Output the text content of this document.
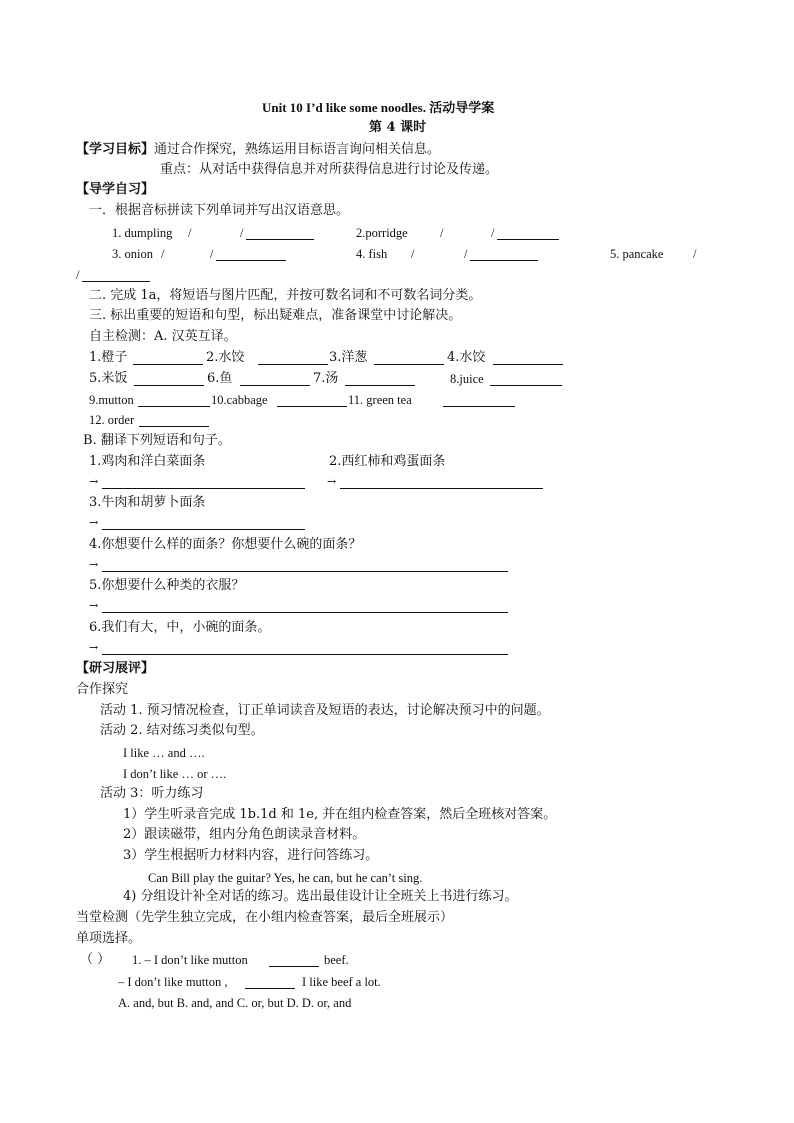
Unit 10 I’d like some noodles. 活动导学案
第 4 课时
【学习目标】通过合作探究，熟练运用目标语言询问相关信息。
重点：从对话中获得信息并对所获得信息进行讨论及传递。
【导学自习】
一．根据音标拼读下列单词并写出汉语意思。
1. dumpling /	/	2.porridge	/	/
3. onion /	/	4. fish /	/	5. pancake /
/
二. 完成 1a，将短语与图片匹配，并按可数名词和不可数名词分类。
三. 标出重要的短语和句型，标出疑难点，准备课堂中讨论解决。
自主检测：A. 汉英互译。
1.橙子	2.水饺	3.洋葱	4.水饺
5.米饭	6.鱼	7.汤	8.juice
9.mutton	10.cabbage	11. green tea
12. order
B. 翻译下列短语和句子。
1.鸡肉和洋白菜面条	2.西红柿和鸡蛋面条
→	→
3.牛肉和胡萝卜面条
→
4.你想要什么样的面条？你想要什么碗的面条？
→
5.你想要什么种类的衣服？
→
6.我们有大，中，小碗的面条。
→
【研习展评】
合作探究
活动 1. 预习情况检查，订正单词读音及短语的表达，讨论解决预习中的问题。
活动 2. 结对练习类似句型。
I like … and ….
I don’t like … or ….
活动 3：听力练习
1）学生听录音完成 1b.1d 和 1e, 并在组内检查答案，然后全班核对答案。
2）跟读磁带，组内分角色朗读录音材料。
3）学生根据听力材料内容，进行问答练习。
Can Bill play the guitar? Yes, he can, but he can’t sing.
4) 分组设计补全对话的练习。选出最佳设计让全班关上书进行练习。
当堂检测（先学生独立完成，在小组内检查答案，最后全班展示）
单项选择。
（ ） 1. – I don’t like mutton	beef.
– I don’t like mutton ,	I like beef a lot.
A. and, but B. and, and C. or, but D. D. or, and
